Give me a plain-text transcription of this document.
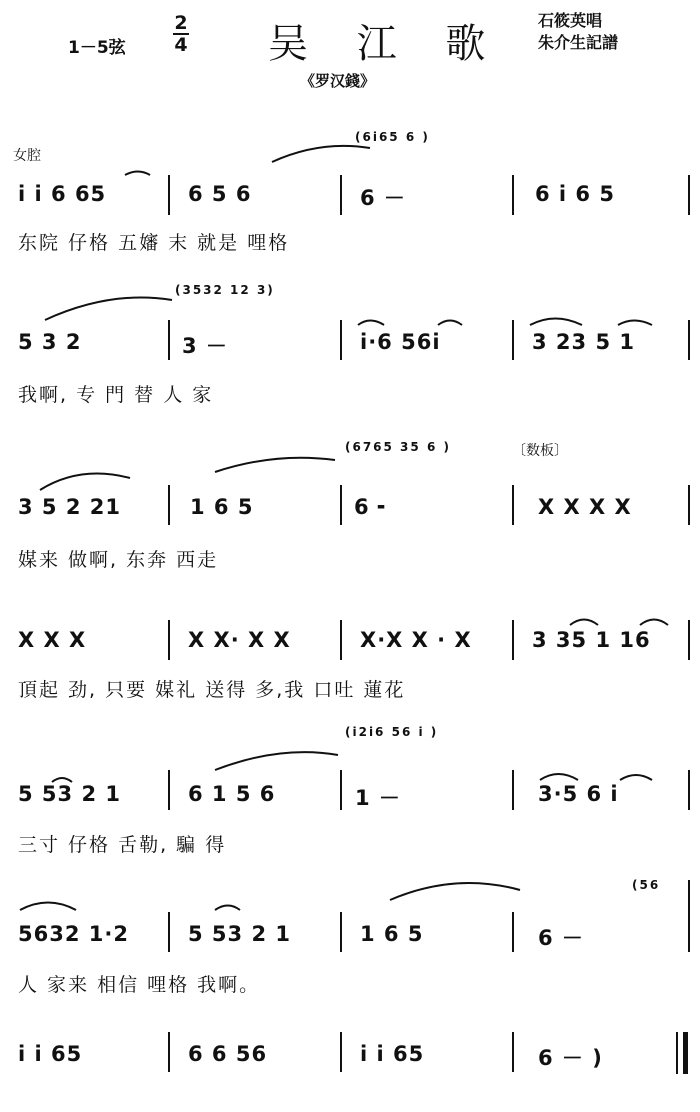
1－5弦
2
4 吴 江 歌
石筱英唱
朱介生記譜
《罗汉錢》
女腔
(6i65 6 )
i i 6 65	6 5 6	6 －	6 i 6 5
东院 仔格 五嬸 末 就是 哩格
(3532 12 3)
5 3 2	3 －	i·6 56i	3 23 5 1
我啊, 专 門 替 人 家
(6765 35 6 )	〔数板〕
3 5 2 21	1 6 5	6 ╸	X X X X
媒来 做啊, 东奔 西走
X X X	X X· X X	X·X X · X	3 35 1 16
頂起 劲, 只要 媒礼 送得 多,我 口吐 蓮花
(i2i6 56 i )
5 53 2 1	6 1 5 6	1 －	3·5 6 i
三寸 仔格 舌勒, 騙 得
(56
5632 1·2	5 53 2 1	1 6 5	6 －
人 家来 相信 哩格 我啊。
i i 65	6 6 56	i i 65	6 － )
